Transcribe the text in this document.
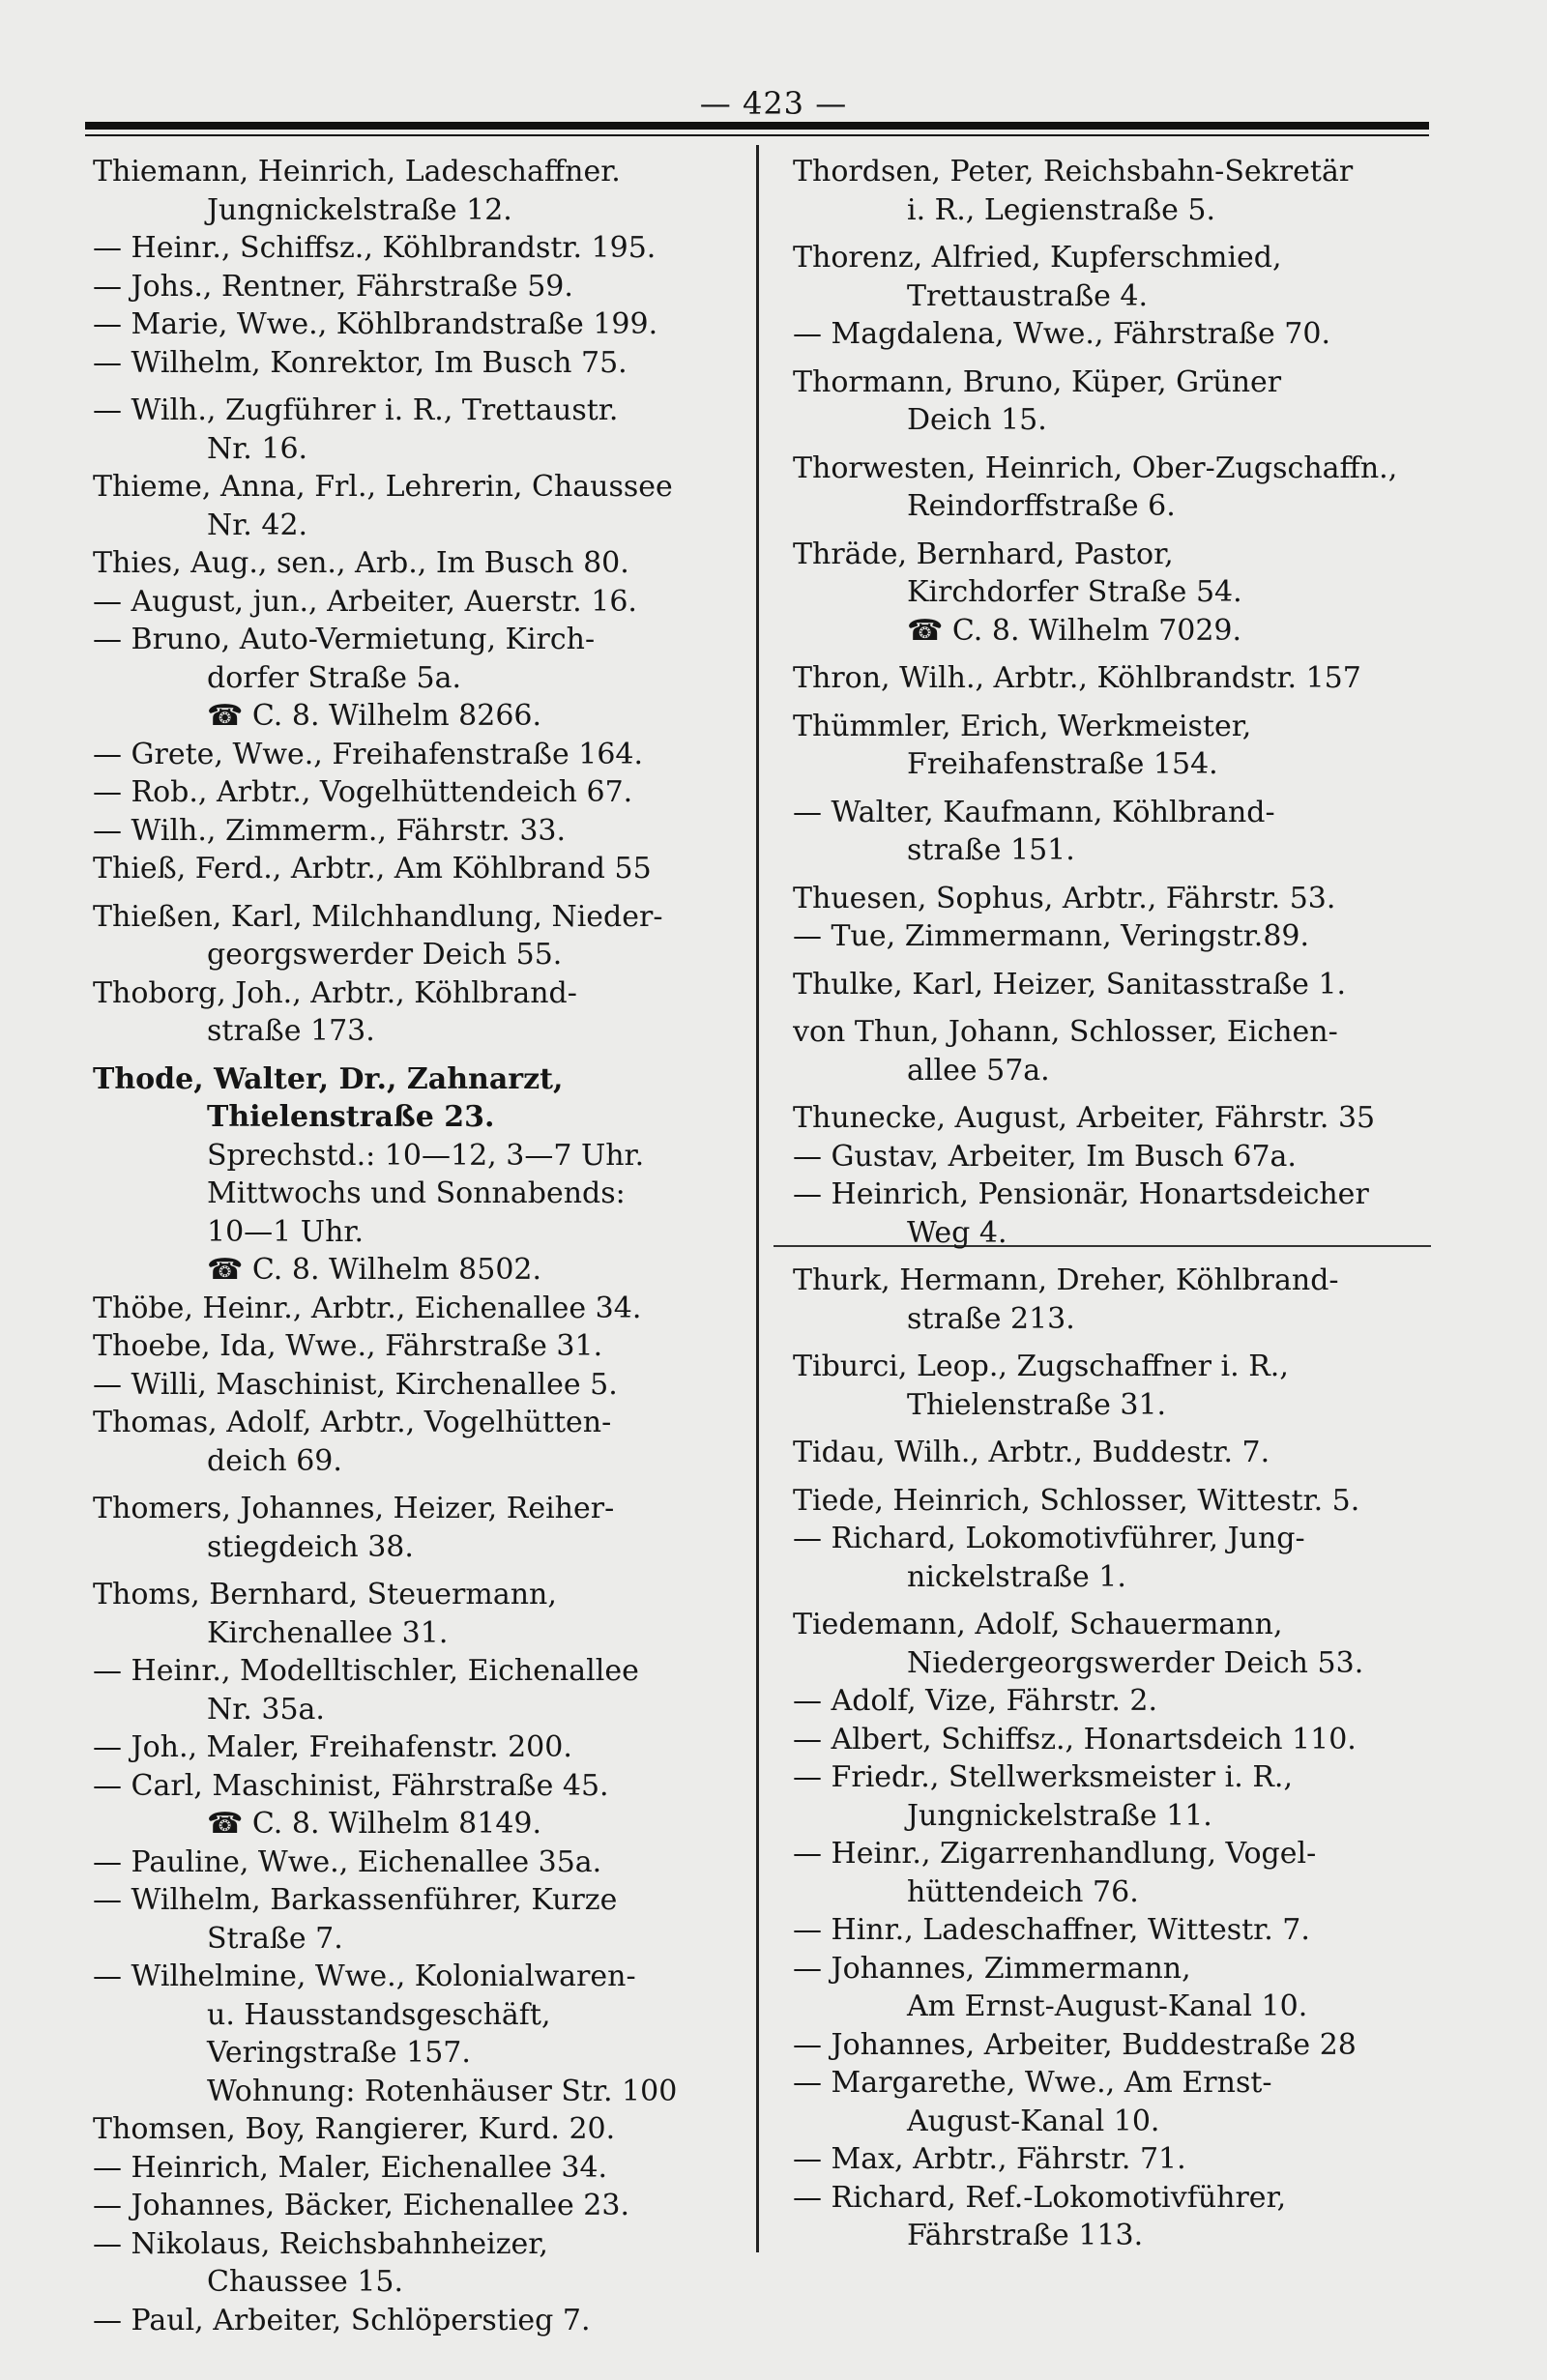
— 423 —
Thiemann, Heinrich, Ladeschaffner.
Jungnickelstraße 12.
— Heinr., Schiffsz., Köhlbrandstr. 195.
— Johs., Rentner, Fährstraße 59.
— Marie, Wwe., Köhlbrandstraße 199.
— Wilhelm, Konrektor, Im Busch 75.
— Wilh., Zugführer i. R., Trettaustr.
Nr. 16.
Thieme, Anna, Frl., Lehrerin, Chaussee
Nr. 42.
Thies, Aug., sen., Arb., Im Busch 80.
— August, jun., Arbeiter, Auerstr. 16.
— Bruno, Auto-Vermietung, Kirch-
dorfer Straße 5a.
☎ C. 8. Wilhelm 8266.
— Grete, Wwe., Freihafenstraße 164.
— Rob., Arbtr., Vogelhüttendeich 67.
— Wilh., Zimmerm., Fährstr. 33.
Thieß, Ferd., Arbtr., Am Köhlbrand 55
Thießen, Karl, Milchhandlung, Nieder-
georgswerder Deich 55.
Thoborg, Joh., Arbtr., Köhlbrand-
straße 173.
Thode, Walter, Dr., Zahnarzt,
Thielenstraße 23.
Sprechstd.: 10—12, 3—7 Uhr.
Mittwochs und Sonnabends:
10—1 Uhr.
☎ C. 8. Wilhelm 8502.
Thöbe, Heinr., Arbtr., Eichenallee 34.
Thoebe, Ida, Wwe., Fährstraße 31.
— Willi, Maschinist, Kirchenallee 5.
Thomas, Adolf, Arbtr., Vogelhütten-
deich 69.
Thomers, Johannes, Heizer, Reiher-
stiegdeich 38.
Thoms, Bernhard, Steuermann,
Kirchenallee 31.
— Heinr., Modelltischler, Eichenallee
Nr. 35a.
— Joh., Maler, Freihafenstr. 200.
— Carl, Maschinist, Fährstraße 45.
☎ C. 8. Wilhelm 8149.
— Pauline, Wwe., Eichenallee 35a.
— Wilhelm, Barkassenführer, Kurze
Straße 7.
— Wilhelmine, Wwe., Kolonialwaren-
u. Hausstandsgeschäft,
Veringstraße 157.
Wohnung: Rotenhäuser Str. 100
Thomsen, Boy, Rangierer, Kurd. 20.
— Heinrich, Maler, Eichenallee 34.
— Johannes, Bäcker, Eichenallee 23.
— Nikolaus, Reichsbahnheizer,
Chaussee 15.
— Paul, Arbeiter, Schlöperstieg 7.
Thordsen, Peter, Reichsbahn-Sekretär
i. R., Legienstraße 5.
Thorenz, Alfried, Kupferschmied,
Trettaustraße 4.
— Magdalena, Wwe., Fährstraße 70.
Thormann, Bruno, Küper, Grüner
Deich 15.
Thorwesten, Heinrich, Ober-Zugschaffn.,
Reindorffstraße 6.
Thräde, Bernhard, Pastor,
Kirchdorfer Straße 54.
☎ C. 8. Wilhelm 7029.
Thron, Wilh., Arbtr., Köhlbrandstr. 157
Thümmler, Erich, Werkmeister,
Freihafenstraße 154.
— Walter, Kaufmann, Köhlbrand-
straße 151.
Thuesen, Sophus, Arbtr., Fährstr. 53.
— Tue, Zimmermann, Veringstr.89.
Thulke, Karl, Heizer, Sanitasstraße 1.
von Thun, Johann, Schlosser, Eichen-
allee 57a.
Thunecke, August, Arbeiter, Fährstr. 35
— Gustav, Arbeiter, Im Busch 67a.
— Heinrich, Pensionär, Honartsdeicher
Weg 4.
Thurk, Hermann, Dreher, Köhlbrand-
straße 213.
Tiburci, Leop., Zugschaffner i. R.,
Thielenstraße 31.
Tidau, Wilh., Arbtr., Buddestr. 7.
Tiede, Heinrich, Schlosser, Wittestr. 5.
— Richard, Lokomotivführer, Jung-
nickelstraße 1.
Tiedemann, Adolf, Schauermann,
Niedergeorgswerder Deich 53.
— Adolf, Vize, Fährstr. 2.
— Albert, Schiffsz., Honartsdeich 110.
— Friedr., Stellwerksmeister i. R.,
Jungnickelstraße 11.
— Heinr., Zigarrenhandlung, Vogel-
hüttendeich 76.
— Hinr., Ladeschaffner, Wittestr. 7.
— Johannes, Zimmermann,
Am Ernst-August-Kanal 10.
— Johannes, Arbeiter, Buddestraße 28
— Margarethe, Wwe., Am Ernst-
August-Kanal 10.
— Max, Arbtr., Fährstr. 71.
— Richard, Ref.-Lokomotivführer,
Fährstraße 113.
